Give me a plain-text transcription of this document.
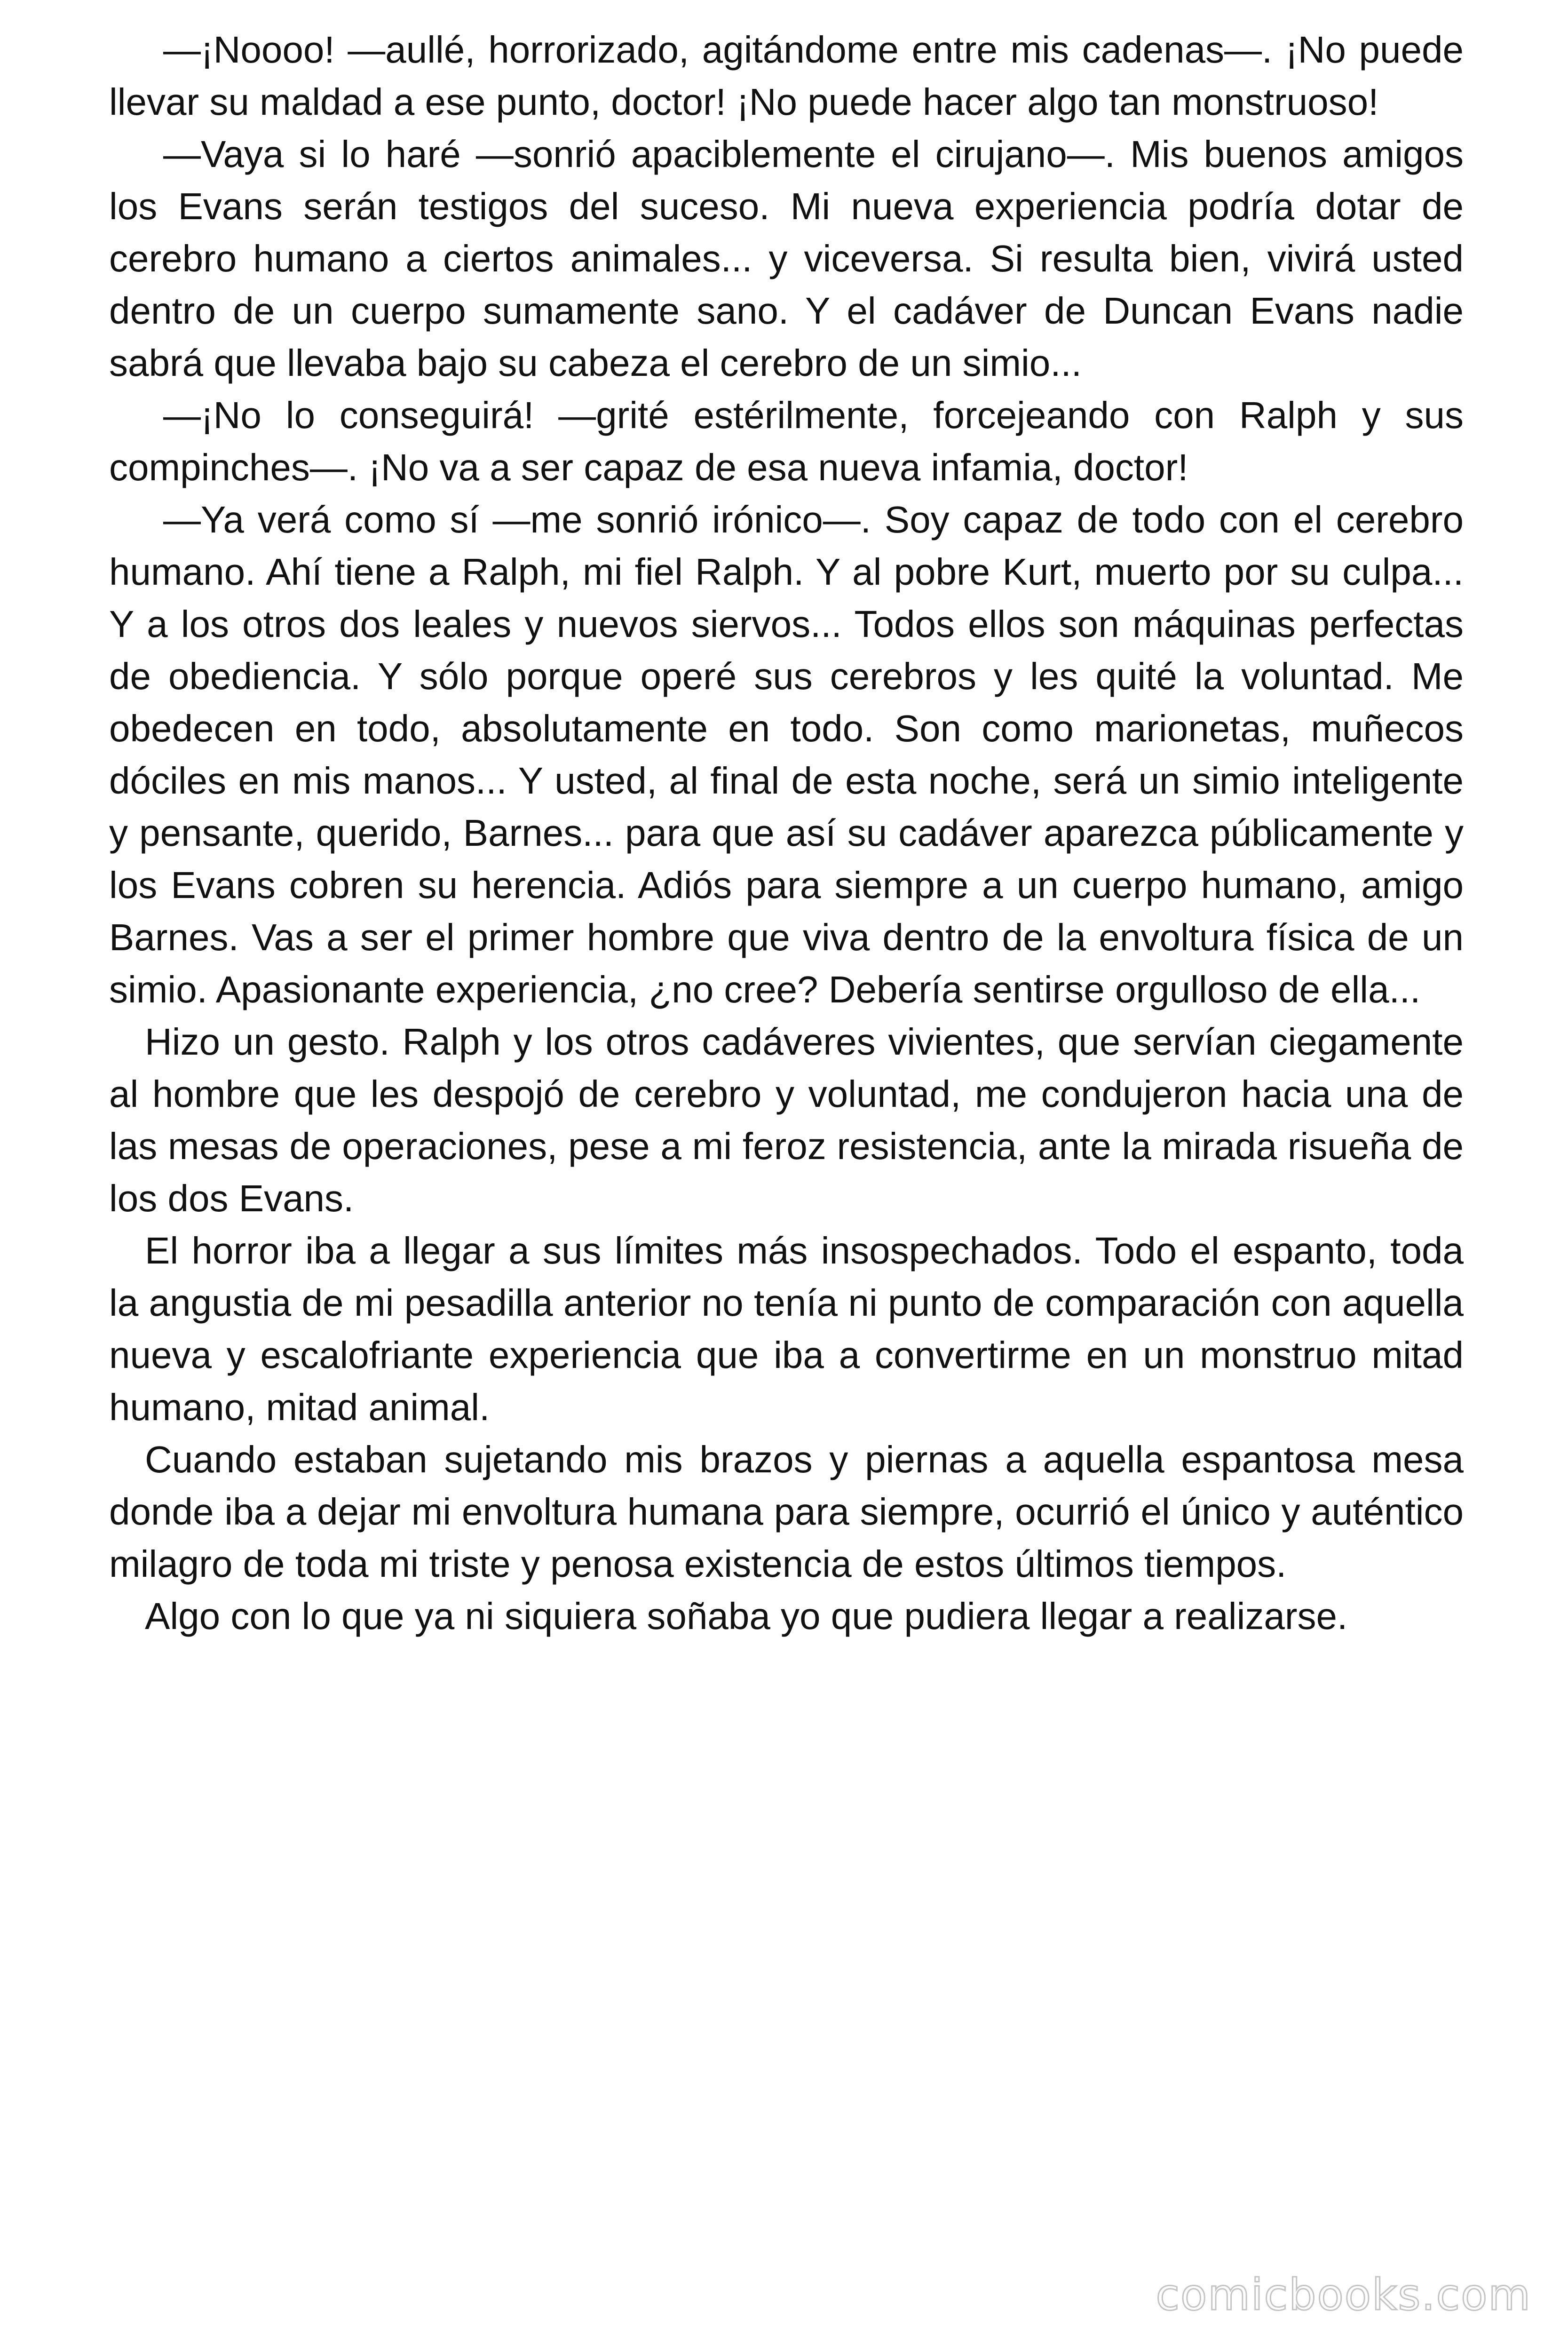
—¡Noooo! —aullé, horrorizado, agitándome entre mis cadenas—. ¡No puede llevar su maldad a ese punto, doctor! ¡No puede hacer algo tan monstruoso!

—Vaya si lo haré —sonrió apaciblemente el cirujano—. Mis buenos amigos los Evans serán testigos del suceso. Mi nueva experiencia podría dotar de cerebro humano a ciertos animales... y viceversa. Si resulta bien, vivirá usted dentro de un cuerpo sumamente sano. Y el cadáver de Duncan Evans nadie sabrá que llevaba bajo su cabeza el cerebro de un simio...

—¡No lo conseguirá! —grité estérilmente, forcejeando con Ralph y sus compinches—. ¡No va a ser capaz de esa nueva infamia, doctor!

—Ya verá como sí —me sonrió irónico—. Soy capaz de todo con el cerebro humano. Ahí tiene a Ralph, mi fiel Ralph. Y al pobre Kurt, muerto por su culpa... Y a los otros dos leales y nuevos siervos... Todos ellos son máquinas perfectas de obediencia. Y sólo porque operé sus cerebros y les quité la voluntad. Me obedecen en todo, absolutamente en todo. Son como marionetas, muñecos dóciles en mis manos... Y usted, al final de esta noche, será un simio inteligente y pensante, querido, Barnes... para que así su cadáver aparezca públicamente y los Evans cobren su herencia. Adiós para siempre a un cuerpo humano, amigo Barnes. Vas a ser el primer hombre que viva dentro de la envoltura física de un simio. Apasionante experiencia, ¿no cree? Debería sentirse orgulloso de ella...

Hizo un gesto. Ralph y los otros cadáveres vivientes, que servían ciegamente al hombre que les despojó de cerebro y voluntad, me condujeron hacia una de las mesas de operaciones, pese a mi feroz resistencia, ante la mirada risueña de los dos Evans.

El horror iba a llegar a sus límites más insospechados. Todo el espanto, toda la angustia de mi pesadilla anterior no tenía ni punto de comparación con aquella nueva y escalofriante experiencia que iba a convertirme en un monstruo mitad humano, mitad animal.

Cuando estaban sujetando mis brazos y piernas a aquella espantosa mesa donde iba a dejar mi envoltura humana para siempre, ocurrió el único y auténtico milagro de toda mi triste y penosa existencia de estos últimos tiempos.

Algo con lo que ya ni siquiera soñaba yo que pudiera llegar a realizarse.

comicbooks.com
